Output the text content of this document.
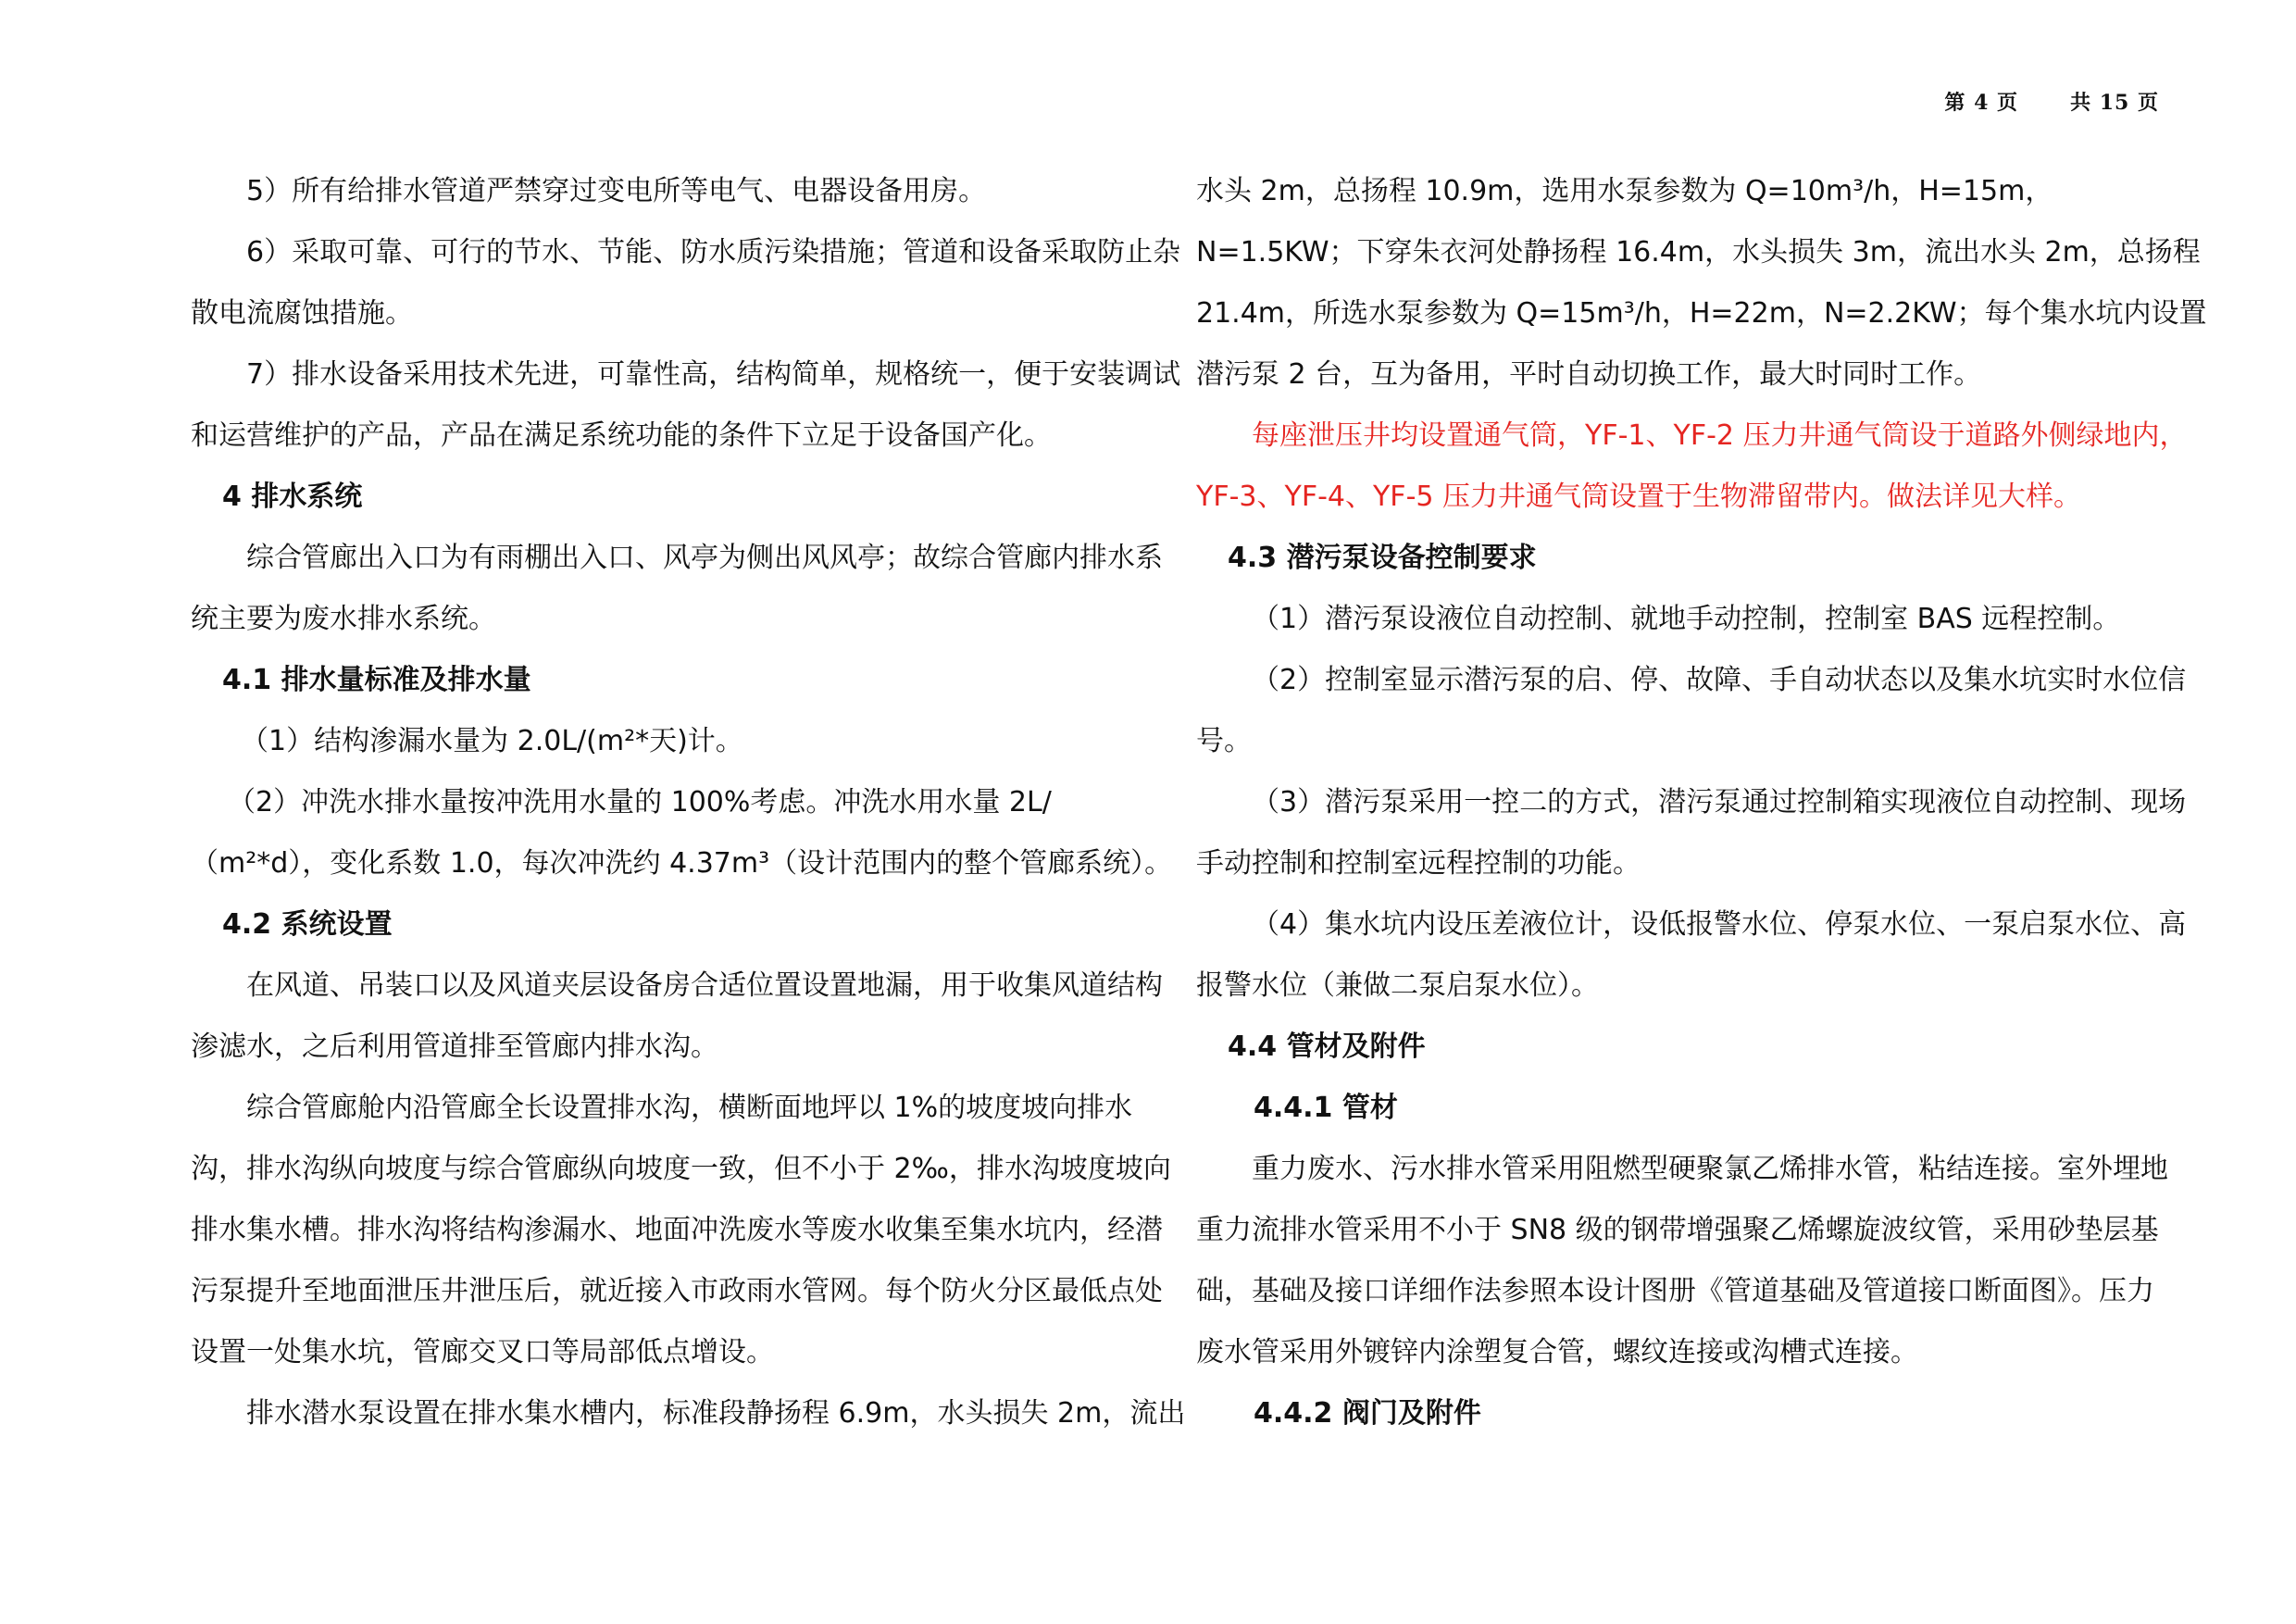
第 4 页	共 15 页
5）所有给排水管道严禁穿过变电所等电气、电器设备用房。
6）采取可靠、可行的节水、节能、防水质污染措施；管道和设备采取防止杂
散电流腐蚀措施。
7）排水设备采用技术先进，可靠性高，结构简单，规格统一，便于安装调试
和运营维护的产品，产品在满足系统功能的条件下立足于设备国产化。
4 排水系统
综合管廊出入口为有雨棚出入口、风亭为侧出风风亭；故综合管廊内排水系
统主要为废水排水系统。
4.1 排水量标准及排水量
（1）结构渗漏水量为 2.0L/(m²*天)计。
（2）冲洗水排水量按冲洗用水量的 100%考虑。冲洗水用水量 2L/
（m²*d），变化系数 1.0，每次冲洗约 4.37m³（设计范围内的整个管廊系统）。
4.2 系统设置
在风道、吊装口以及风道夹层设备房合适位置设置地漏，用于收集风道结构
渗滤水，之后利用管道排至管廊内排水沟。
综合管廊舱内沿管廊全长设置排水沟，横断面地坪以 1%的坡度坡向排水
沟，排水沟纵向坡度与综合管廊纵向坡度一致，但不小于 2‰，排水沟坡度坡向
排水集水槽。排水沟将结构渗漏水、地面冲洗废水等废水收集至集水坑内，经潜
污泵提升至地面泄压井泄压后，就近接入市政雨水管网。每个防火分区最低点处
设置一处集水坑，管廊交叉口等局部低点增设。
排水潜水泵设置在排水集水槽内，标准段静扬程 6.9m，水头损失 2m，流出
水头 2m，总扬程 10.9m，选用水泵参数为 Q=10m³/h，H=15m，
N=1.5KW；下穿朱衣河处静扬程 16.4m，水头损失 3m，流出水头 2m，总扬程
21.4m，所选水泵参数为 Q=15m³/h，H=22m，N=2.2KW；每个集水坑内设置
潜污泵 2 台，互为备用，平时自动切换工作，最大时同时工作。
每座泄压井均设置通气筒，YF-1、YF-2 压力井通气筒设于道路外侧绿地内，
YF-3、YF-4、YF-5 压力井通气筒设置于生物滞留带内。做法详见大样。
4.3 潜污泵设备控制要求
（1）潜污泵设液位自动控制、就地手动控制，控制室 BAS 远程控制。
（2）控制室显示潜污泵的启、停、故障、手自动状态以及集水坑实时水位信
号。
（3）潜污泵采用一控二的方式，潜污泵通过控制箱实现液位自动控制、现场
手动控制和控制室远程控制的功能。
（4）集水坑内设压差液位计，设低报警水位、停泵水位、一泵启泵水位、高
报警水位（兼做二泵启泵水位）。
4.4 管材及附件
4.4.1 管材
重力废水、污水排水管采用阻燃型硬聚氯乙烯排水管，粘结连接。室外埋地
重力流排水管采用不小于 SN8 级的钢带增强聚乙烯螺旋波纹管，采用砂垫层基
础，基础及接口详细作法参照本设计图册《管道基础及管道接口断面图》。压力
废水管采用外镀锌内涂塑复合管，螺纹连接或沟槽式连接。
4.4.2 阀门及附件
